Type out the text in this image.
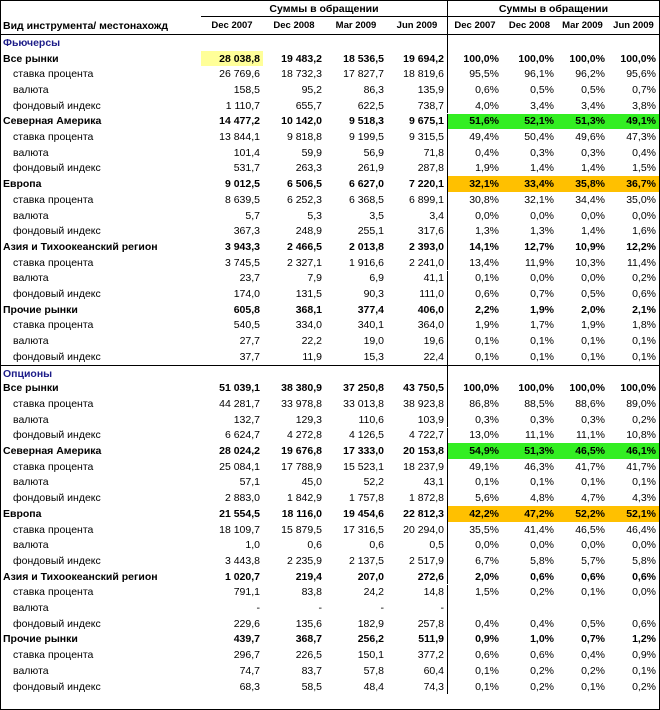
Суммы в обращении	Суммы в обращении
Вид инструмента/ местонахожд	Dec 2007	Dec 2008	Mar 2009	Jun 2009	Dec 2007	Dec 2008	Mar 2009	Jun 2009
Фьючерсы
Все рынки	28 038,8	19 483,2	18 536,5	19 694,2	100,0%	100,0%	100,0%	100,0%
ставка процента	26 769,6	18 732,3	17 827,7	18 819,6	95,5%	96,1%	96,2%	95,6%
валюта	158,5	95,2	86,3	135,9	0,6%	0,5%	0,5%	0,7%
фондовый индекс	1 110,7	655,7	622,5	738,7	4,0%	3,4%	3,4%	3,8%
Северная Америка	14 477,2	10 142,0	9 518,3	9 675,1	51,6%	52,1%	51,3%	49,1%
ставка процента	13 844,1	9 818,8	9 199,5	9 315,5	49,4%	50,4%	49,6%	47,3%
валюта	101,4	59,9	56,9	71,8	0,4%	0,3%	0,3%	0,4%
фондовый индекс	531,7	263,3	261,9	287,8	1,9%	1,4%	1,4%	1,5%
Европа	9 012,5	6 506,5	6 627,0	7 220,1	32,1%	33,4%	35,8%	36,7%
ставка процента	8 639,5	6 252,3	6 368,5	6 899,1	30,8%	32,1%	34,4%	35,0%
валюта	5,7	5,3	3,5	3,4	0,0%	0,0%	0,0%	0,0%
фондовый индекс	367,3	248,9	255,1	317,6	1,3%	1,3%	1,4%	1,6%
Азия и Тихоокеанский регион	3 943,3	2 466,5	2 013,8	2 393,0	14,1%	12,7%	10,9%	12,2%
ставка процента	3 745,5	2 327,1	1 916,6	2 241,0	13,4%	11,9%	10,3%	11,4%
валюта	23,7	7,9	6,9	41,1	0,1%	0,0%	0,0%	0,2%
фондовый индекс	174,0	131,5	90,3	111,0	0,6%	0,7%	0,5%	0,6%
Прочие рынки	605,8	368,1	377,4	406,0	2,2%	1,9%	2,0%	2,1%
ставка процента	540,5	334,0	340,1	364,0	1,9%	1,7%	1,9%	1,8%
валюта	27,7	22,2	19,0	19,6	0,1%	0,1%	0,1%	0,1%
фондовый индекс	37,7	11,9	15,3	22,4	0,1%	0,1%	0,1%	0,1%
Опционы
Все рынки	51 039,1	38 380,9	37 250,8	43 750,5	100,0%	100,0%	100,0%	100,0%
ставка процента	44 281,7	33 978,8	33 013,8	38 923,8	86,8%	88,5%	88,6%	89,0%
валюта	132,7	129,3	110,6	103,9	0,3%	0,3%	0,3%	0,2%
фондовый индекс	6 624,7	4 272,8	4 126,5	4 722,7	13,0%	11,1%	11,1%	10,8%
Северная Америка	28 024,2	19 676,8	17 333,0	20 153,8	54,9%	51,3%	46,5%	46,1%
ставка процента	25 084,1	17 788,9	15 523,1	18 237,9	49,1%	46,3%	41,7%	41,7%
валюта	57,1	45,0	52,2	43,1	0,1%	0,1%	0,1%	0,1%
фондовый индекс	2 883,0	1 842,9	1 757,8	1 872,8	5,6%	4,8%	4,7%	4,3%
Европа	21 554,5	18 116,0	19 454,6	22 812,3	42,2%	47,2%	52,2%	52,1%
ставка процента	18 109,7	15 879,5	17 316,5	20 294,0	35,5%	41,4%	46,5%	46,4%
валюта	1,0	0,6	0,6	0,5	0,0%	0,0%	0,0%	0,0%
фондовый индекс	3 443,8	2 235,9	2 137,5	2 517,9	6,7%	5,8%	5,7%	5,8%
Азия и Тихоокеанский регион	1 020,7	219,4	207,0	272,6	2,0%	0,6%	0,6%	0,6%
ставка процента	791,1	83,8	24,2	14,8	1,5%	0,2%	0,1%	0,0%
валюта	-	-	-	-
фондовый индекс	229,6	135,6	182,9	257,8	0,4%	0,4%	0,5%	0,6%
Прочие рынки	439,7	368,7	256,2	511,9	0,9%	1,0%	0,7%	1,2%
ставка процента	296,7	226,5	150,1	377,2	0,6%	0,6%	0,4%	0,9%
валюта	74,7	83,7	57,8	60,4	0,1%	0,2%	0,2%	0,1%
фондовый индекс	68,3	58,5	48,4	74,3	0,1%	0,2%	0,1%	0,2%
